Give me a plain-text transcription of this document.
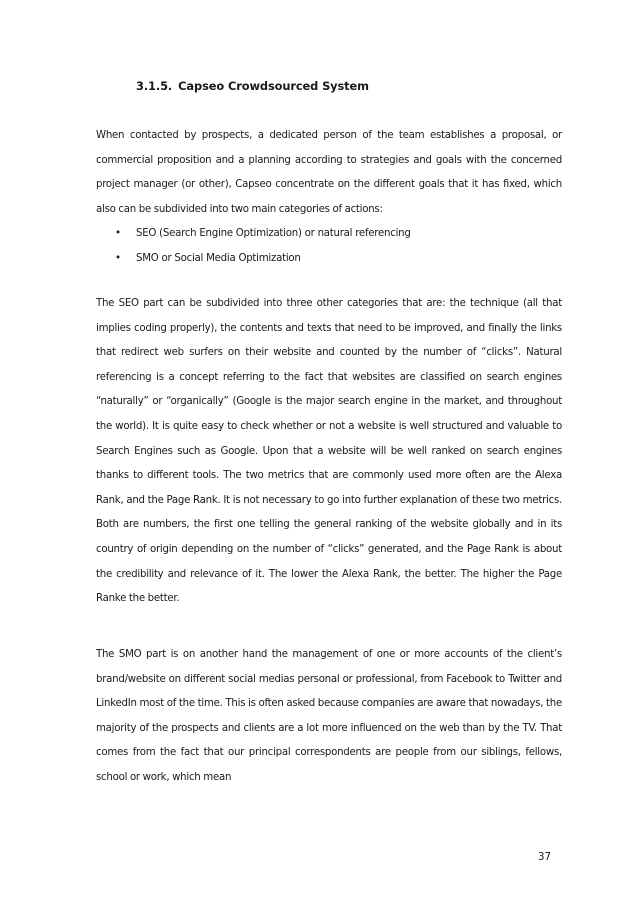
3.1.5. Capseo Crowdsourced System

When contacted by prospects, a dedicated person of the team establishes a proposal, or commercial proposition and a planning according to strategies and goals with the concerned project manager (or other), Capseo concentrate on the different goals that it has fixed, which also can be subdivided into two main categories of actions:

• SEO (Search Engine Optimization) or natural referencing
• SMO or Social Media Optimization

The SEO part can be subdivided into three other categories that are: the technique (all that implies coding properly), the contents and texts that need to be improved, and finally the links that redirect web surfers on their website and counted by the number of “clicks”. Natural referencing is a concept referring to the fact that websites are classified on search engines “naturally” or “organically” (Google is the major search engine in the market, and throughout the world). It is quite easy to check whether or not a website is well structured and valuable to Search Engines such as Google. Upon that a website will be well ranked on search engines thanks to different tools. The two metrics that are commonly used more often are the Alexa Rank, and the Page Rank. It is not necessary to go into further explanation of these two metrics. Both are numbers, the first one telling the general ranking of the website globally and in its country of origin depending on the number of “clicks” generated, and the Page Rank is about the credibility and relevance of it. The lower the Alexa Rank, the better. The higher the Page Ranke the better.

The SMO part is on another hand the management of one or more accounts of the client’s brand/website on different social medias personal or professional, from Facebook to Twitter and LinkedIn most of the time. This is often asked because companies are aware that nowadays, the majority of the prospects and clients are a lot more influenced on the web than by the TV. That comes from the fact that our principal correspondents are people from our siblings, fellows, school or work, which mean

37
